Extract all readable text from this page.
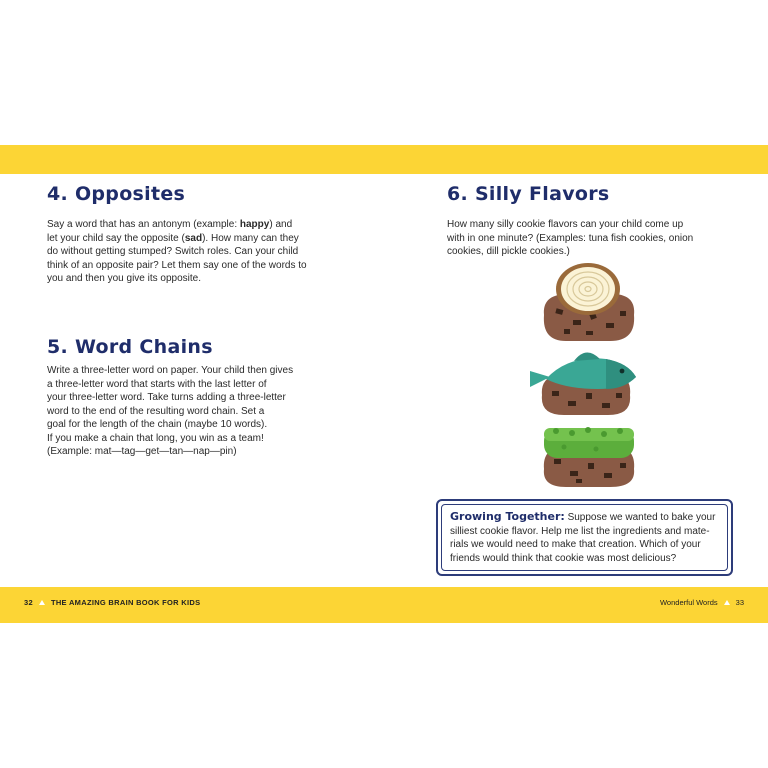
4. Opposites
Say a word that has an antonym (example: happy) and
let your child say the opposite (sad). How many can they
do without getting stumped? Switch roles. Can your child
think of an opposite pair? Let them say one of the words to
you and then you give its opposite.
5. Word Chains
Write a three-letter word on paper. Your child then gives
a three-letter word that starts with the last letter of
your three-letter word. Take turns adding a three-letter
word to the end of the resulting word chain. Set a
goal for the length of the chain (maybe 10 words).
If you make a chain that long, you win as a team!
(Example: mat—tag—get—tan—nap—pin)
6. Silly Flavors
How many silly cookie flavors can your child come up
with in one minute? (Examples: tuna fish cookies, onion
cookies, dill pickle cookies.)
Growing Together: Suppose we wanted to bake your
silliest cookie flavor. Help me list the ingredients and mate-
rials we would need to make that creation. Which of your
friends would think that cookie was most delicious?
32 THE AMAZING BRAIN BOOK FOR KIDS	Wonderful Words 33
